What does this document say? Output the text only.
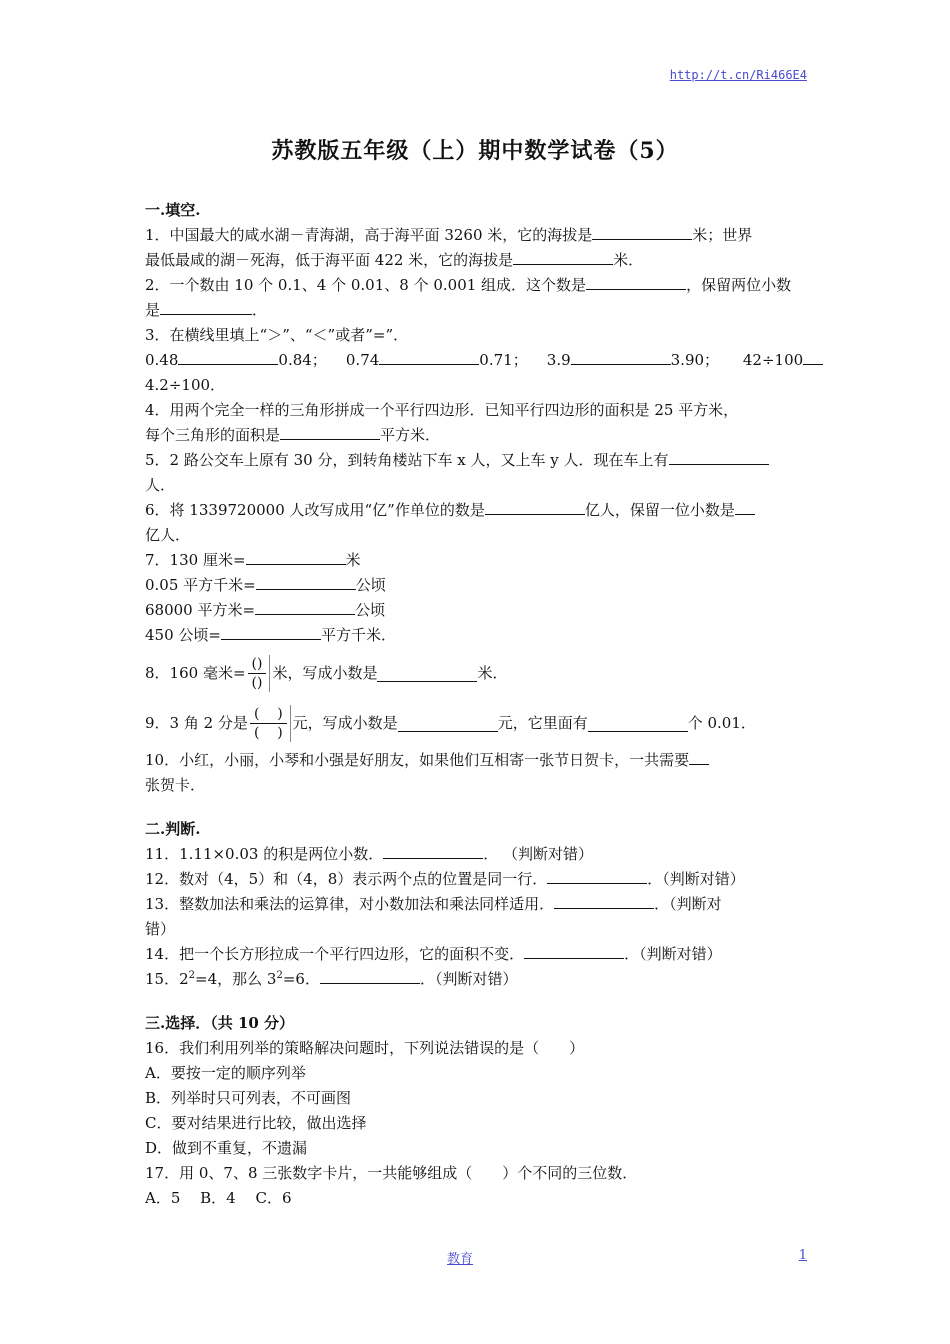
http://t.cn/Ri466E4
苏教版五年级（上）期中数学试卷（5）
一.填空.
1．中国最大的咸水湖－青海湖，高于海平面 3260 米，它的海拔是	米；世界
最低最咸的湖－死海，低于海平面 422 米，它的海拔是	米．
2．一个数由 10 个 0.1、4 个 0.01、8 个 0.001 组成．这个数是	，保留两位小数
是	．
3．在横线里填上“＞”、“＜”或者”=”．
0.48	0.84； 0.74	0.71； 3.9	3.90； 42÷100
4.2÷100．
4．用两个完全一样的三角形拼成一个平行四边形．已知平行四边形的面积是 25 平方米，
每个三角形的面积是	平方米．
5．2 路公交车上原有 30 分，到转角楼站下车 x 人，又上车 y 人．现在车上有
人．
6．将 1339720000 人改写成用“亿”作单位的数是	亿人，保留一位小数是
亿人．
7．130 厘米=	米
0.05 平方千米=	公顷
68000 平方米=	公顷
450 公顷=	平方千米．
8．160 毫米= $\frac{()}{()}$ 米，写成小数是	米．
9．3 角 2 分是 $\frac{( )}{( )}$ 元，写成小数是	元，它里面有	个 0.01．
10．小红，小丽，小琴和小强是好朋友，如果他们互相寄一张节日贺卡，一共需要
张贺卡．
二.判断.
11．1.11×0.03 的积是两位小数．	． （判断对错）
12．数对（4，5）和（4，8）表示两个点的位置是同一行．	．（判断对错）
13．整数加法和乘法的运算律，对小数加法和乘法同样适用．	．（判断对
错）
14．把一个长方形拉成一个平行四边形，它的面积不变．	．（判断对错）
15．$2^2=4$，那么 $3^2=6$．	．（判断对错）
三.选择．（共 10 分）
16．我们利用列举的策略解决问题时，下列说法错误的是（　　）
A．要按一定的顺序列举
B．列举时只可列表，不可画图
C．要对结果进行比较，做出选择
D．做到不重复，不遗漏
17．用 0、7、8 三张数字卡片，一共能够组成（　　）个不同的三位数．
A．5　 B．4　 C．6
教育	1
